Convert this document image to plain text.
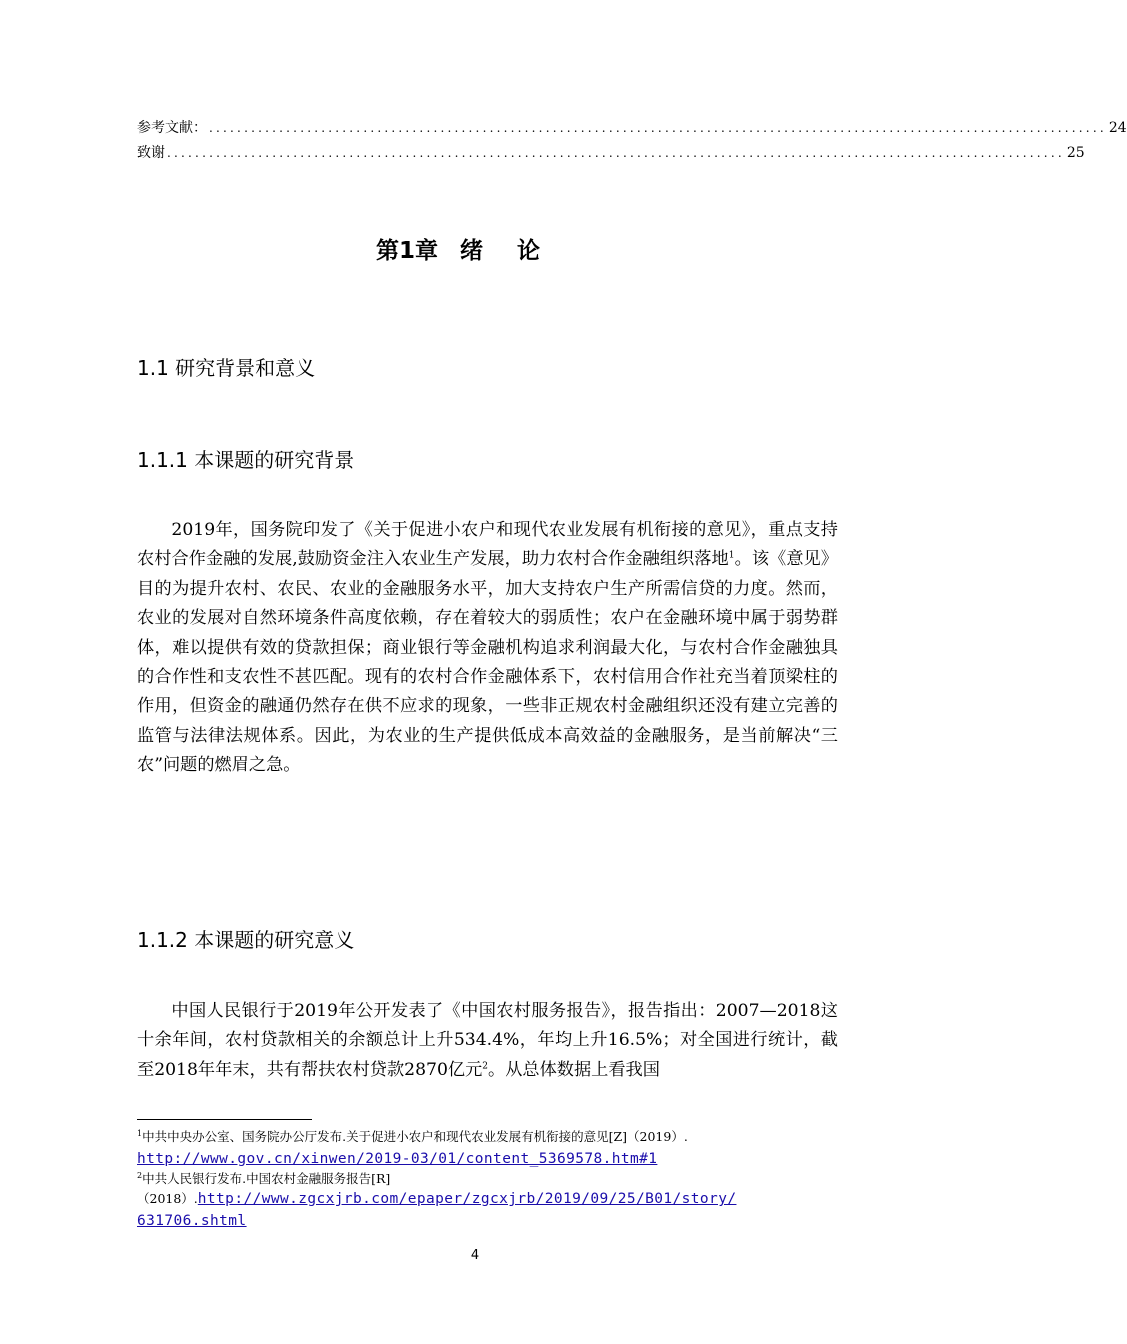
参考文献： ................................................................................................................................ 24
致谢 ................................................................................................................................ 25
第1章 绪论
1.1 研究背景和意义
1.1.1 本课题的研究背景

2019年，国务院印发了《关于促进小农户和现代农业发展有机衔接的意见》，重点支持农村合作金融的发展,鼓励资金注入农业生产发展，助力农村合作金融组织落地$^1$。该《意见》目的为提升农村、农民、农业的金融服务水平，加大支持农户生产所需信贷的力度。然而，农业的发展对自然环境条件高度依赖，存在着较大的弱质性；农户在金融环境中属于弱势群体，难以提供有效的贷款担保；商业银行等金融机构追求利润最大化，与农村合作金融独具的合作性和支农性不甚匹配。现有的农村合作金融体系下，农村信用合作社充当着顶梁柱的作用，但资金的融通仍然存在供不应求的现象，一些非正规农村金融组织还没有建立完善的监管与法律法规体系。因此，为农业的生产提供低成本高效益的金融服务，是当前解决“三农”问题的燃眉之急。

1.1.2 本课题的研究意义

中国人民银行于2019年公开发表了《中国农村服务报告》，报告指出：2007—2018这十余年间，农村贷款相关的余额总计上升534.4%，年均上升16.5%；对全国进行统计，截至2018年年末，共有帮扶农村贷款2870亿元$^2$。从总体数据上看我国

$^1$中共中央办公室、国务院办公厅发布.关于促进小农户和现代农业发展有机衔接的意见[Z]（2019）.
http://www.gov.cn/xinwen/2019-03/01/content_5369578.htm#1
$^2$中共人民银行发布.中国农村金融服务报告[R]
（2018）.http://www.zgcxjrb.com/epaper/zgcxjrb/2019/09/25/B01/story/
631706.shtml
4
